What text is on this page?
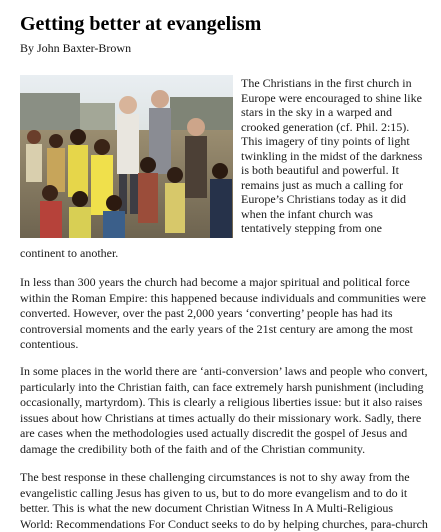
Getting better at evangelism

By John Baxter-Brown

The Christians in the first church in
Europe were encouraged to shine like
stars in the sky in a warped and
crooked generation (cf. Phil. 2:15).
This imagery of tiny points of light
twinkling in the midst of the darkness
is both beautiful and powerful. It
remains just as much a calling for
Europe’s Christians today as it did
when the infant church was
tentatively stepping from one

continent to another.

In less than 300 years the church had become a major spiritual and political force
within the Roman Empire: this happened because individuals and communities were
converted. However, over the past 2,000 years ‘converting’ people has had its
controversial moments and the early years of the 21st century are among the most
contentious.

In some places in the world there are ‘anti-conversion’ laws and people who convert,
particularly into the Christian faith, can face extremely harsh punishment (including
occasionally, martyrdom). This is clearly a religious liberties issue: but it also raises
issues about how Christians at times actually do their missionary work. Sadly, there
are cases when the methodologies used actually discredit the gospel of Jesus and
damage the credibility both of the faith and of the Christian community.

The best response in these challenging circumstances is not to shy away from the
evangelistic calling Jesus has given to us, but to do more evangelism and to do it
better. This is what the new document Christian Witness In A Multi-Religious
World: Recommendations For Conduct seeks to do by helping churches, para-church
